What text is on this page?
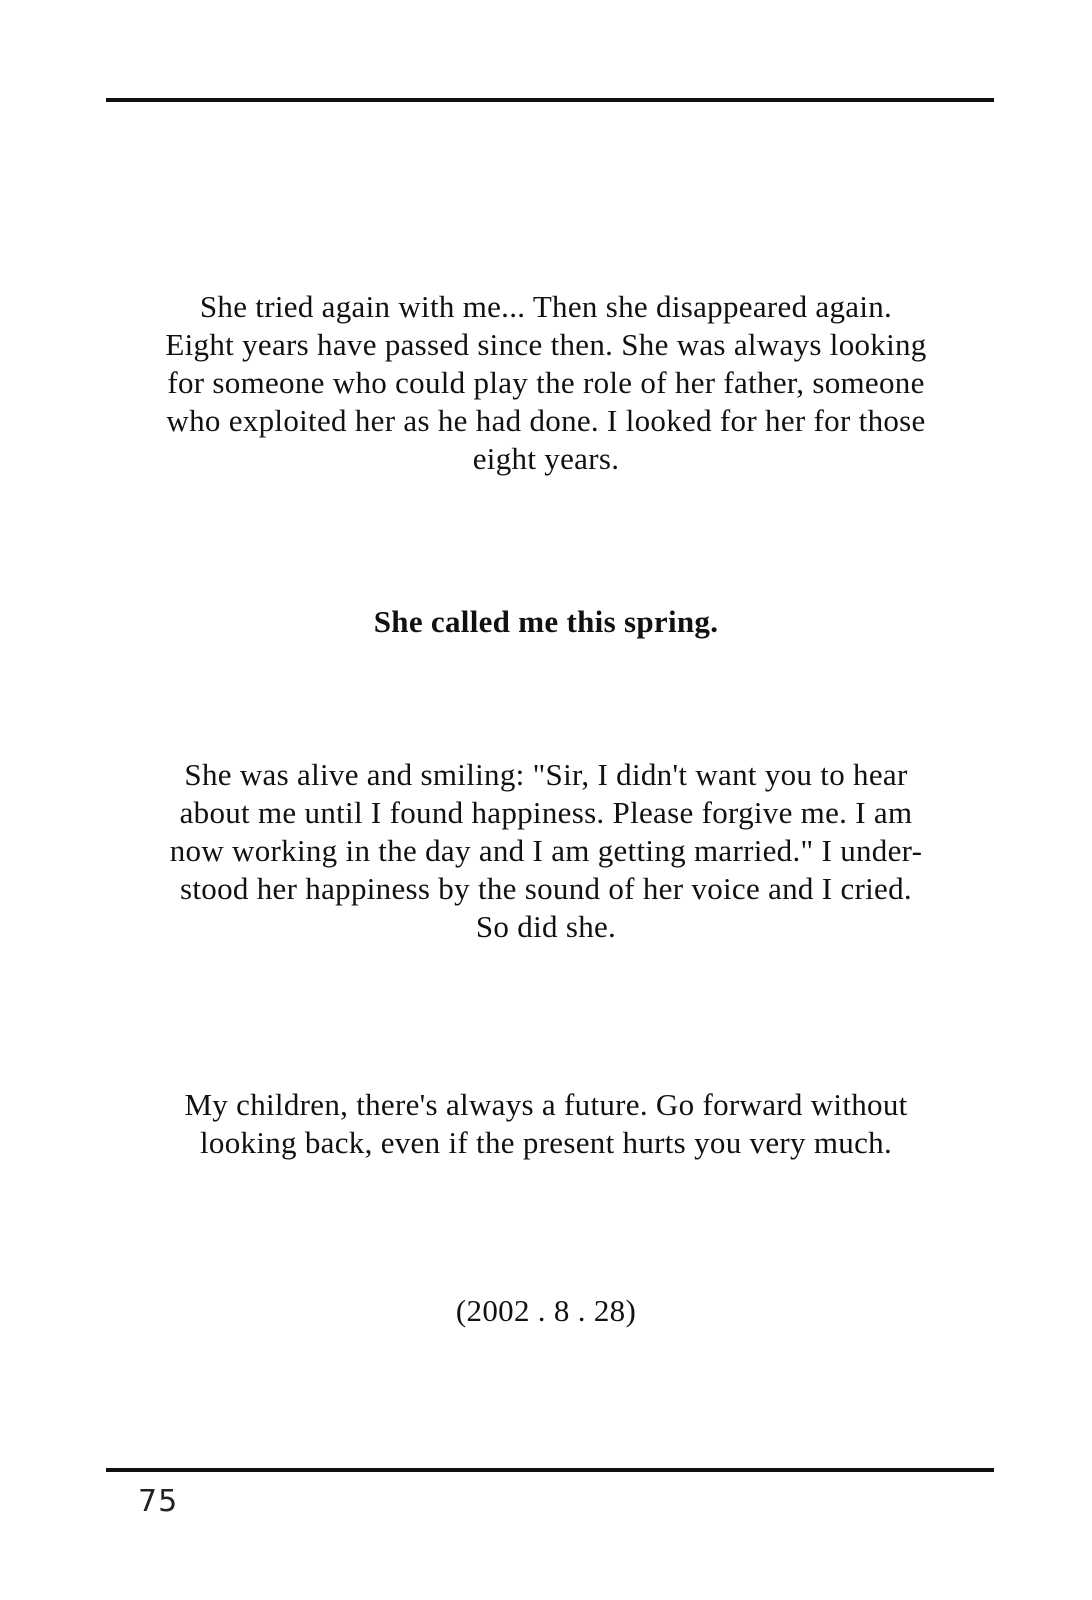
She tried again with me... Then she disappeared again.
Eight years have passed since then. She was always looking
for someone who could play the role of her father, someone
who exploited her as he had done. I looked for her for those
eight years.
She called me this spring.
She was alive and smiling: "Sir, I didn't want you to hear
about me until I found happiness. Please forgive me. I am
now working in the day and I am getting married." I under-
stood her happiness by the sound of her voice and I cried.
So did she.
My children, there's always a future. Go forward without
looking back, even if the present hurts you very much.
(2002 . 8 . 28)
75
